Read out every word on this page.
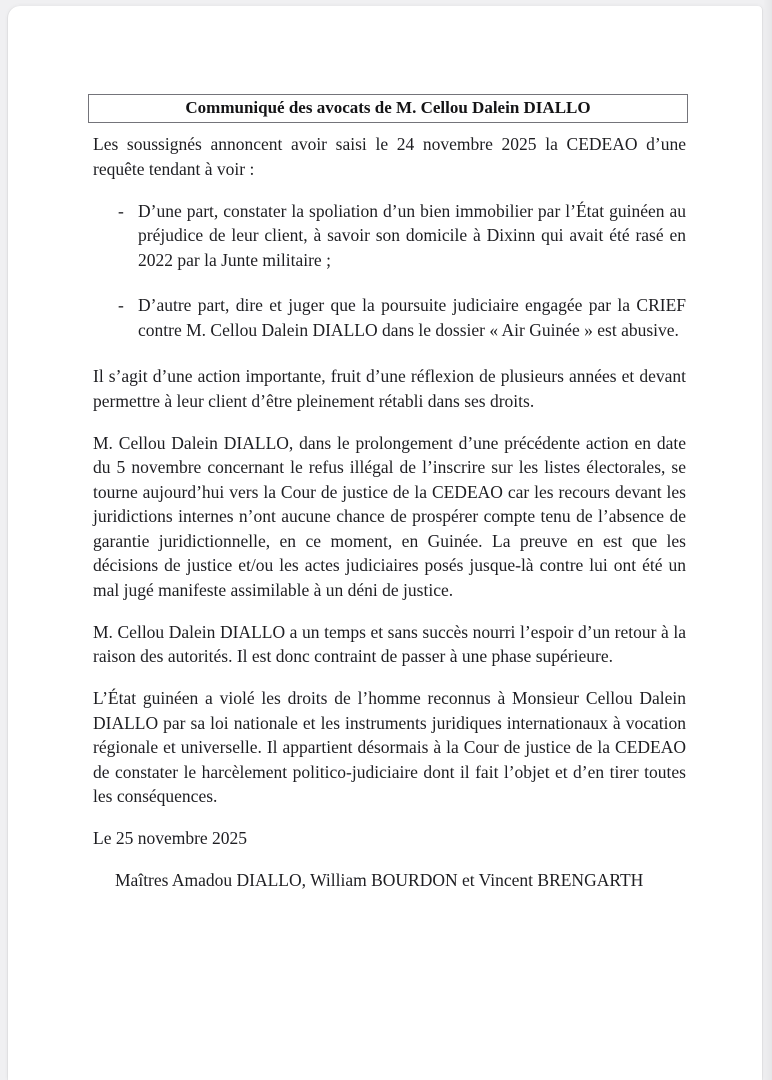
Communiqué des avocats de M. Cellou Dalein DIALLO

Les soussignés annoncent avoir saisi le 24 novembre 2025 la CEDEAO d’une requête tendant à voir :

- D’une part, constater la spoliation d’un bien immobilier par l’État guinéen au préjudice de leur client, à savoir son domicile à Dixinn qui avait été rasé en 2022 par la Junte militaire ;
- D’autre part, dire et juger que la poursuite judiciaire engagée par la CRIEF contre M. Cellou Dalein DIALLO dans le dossier « Air Guinée » est abusive.

Il s’agit d’une action importante, fruit d’une réflexion de plusieurs années et devant permettre à leur client d’être pleinement rétabli dans ses droits.

M. Cellou Dalein DIALLO, dans le prolongement d’une précédente action en date du 5 novembre concernant le refus illégal de l’inscrire sur les listes électorales, se tourne aujourd’hui vers la Cour de justice de la CEDEAO car les recours devant les juridictions internes n’ont aucune chance de prospérer compte tenu de l’absence de garantie juridictionnelle, en ce moment, en Guinée. La preuve en est que les décisions de justice et/ou les actes judiciaires posés jusque-là contre lui ont été un mal jugé manifeste assimilable à un déni de justice.

M. Cellou Dalein DIALLO a un temps et sans succès nourri l’espoir d’un retour à la raison des autorités. Il est donc contraint de passer à une phase supérieure.

L’État guinéen a violé les droits de l’homme reconnus à Monsieur Cellou Dalein DIALLO par sa loi nationale et les instruments juridiques internationaux à vocation régionale et universelle. Il appartient désormais à la Cour de justice de la CEDEAO de constater le harcèlement politico-judiciaire dont il fait l’objet et d’en tirer toutes les conséquences.

Le 25 novembre 2025

Maîtres Amadou DIALLO, William BOURDON et Vincent BRENGARTH
